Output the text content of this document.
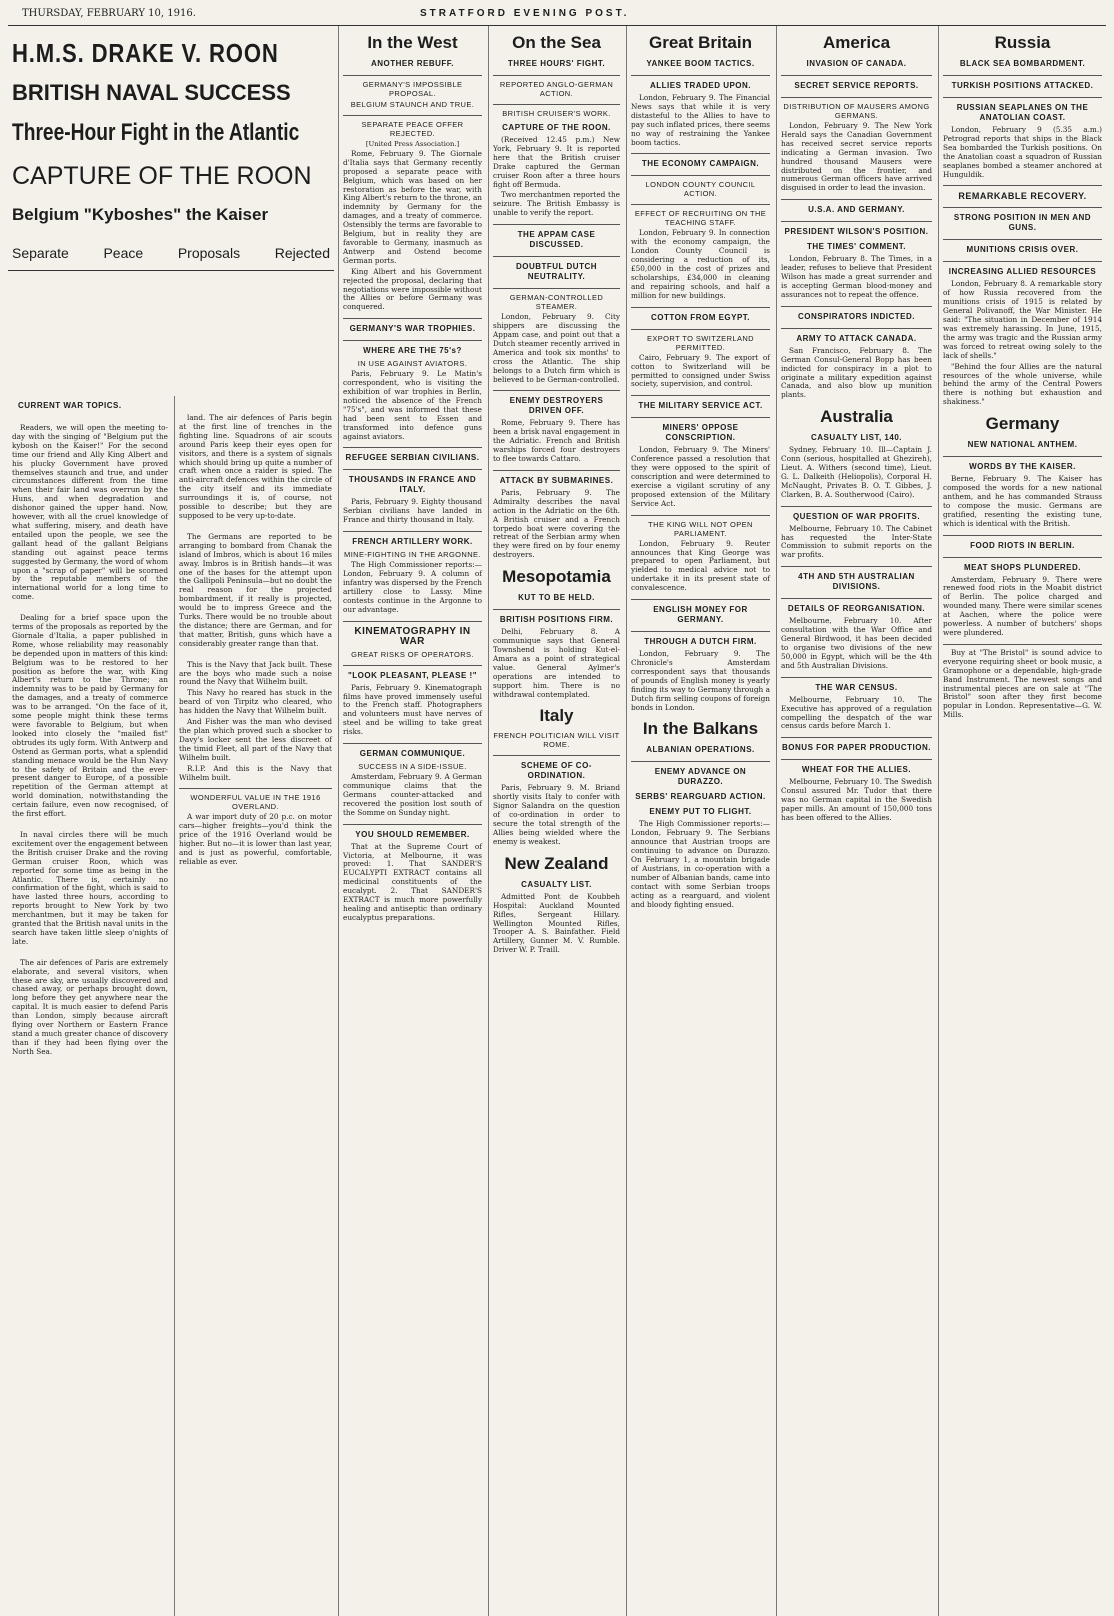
THURSDAY, FEBRUARY 10, 1916.	STRATFORD EVENING POST.
H.M.S. DRAKE V. ROON
BRITISH NAVAL SUCCESS
Three-Hour Fight in the Atlantic
CAPTURE OF THE ROON
Belgium "Kyboshes" the Kaiser
Separate Peace Proposals Rejected
CURRENT WAR TOPICS.

Readers, we will open the meeting to-day with the singing of "Belgium put the kybosh on the Kaiser!" For the second time our friend and Ally King Albert and his plucky Government have proved themselves staunch and true, and under circumstances different from the time when their fair land was overrun by the Huns, and when degradation and dishonor gained the upper hand. Now, however, with all the cruel knowledge of what suffering, misery, and death have entailed upon the people, we see the gallant head of the gallant Belgians standing out against peace terms suggested by Germany, the word of whom upon a "scrap of paper" will be scorned by the reputable members of the international world for a long time to come.

Dealing for a brief space upon the terms of the proposals as reported by the Giornale d'Italia, a paper published in Rome, whose reliability may reasonably be depended upon in matters of this kind: Belgium was to be restored to her position as before the war, with King Albert's return to the Throne; an indemnity was to be paid by Germany for the damages, and a treaty of commerce was to be arranged. "On the face of it, some people might think these terms were favorable to Belgium, but when looked into closely the "mailed fist" obtrudes its ugly form. With Antwerp and Ostend as German ports, what a splendid standing menace would be the Hun Navy to the safety of Britain and the ever-present danger to Europe, of a possible repetition of the German attempt at world domination, notwithstanding the certain failure, even now recognised, of the first effort.

In naval circles there will be much excitement over the engagement between the British cruiser Drake and the roving German cruiser Roon, which was reported for some time as being in the Atlantic. There is, certainly no confirmation of the fight, which is said to have lasted three hours, according to reports brought to New York by two merchantmen, but it may be taken for granted that the British naval units in the search have taken little sleep o'nights of late.

The air defences of Paris are extremely elaborate, and several visitors, when these are sky, are usually discovered and chased away, or perhaps brought down, long before they get anywhere near the capital. It is much easier to defend Paris than London, simply because aircraft flying over Northern or Eastern France stand a much greater chance of discovery than if they had been flying over the North Sea.

land. The air defences of Paris begin at the first line of trenches in the fighting line. Squadrons of air scouts around Paris keep their eyes open for visitors, and there is a system of signals which should bring up quite a number of craft when once a raider is spied. The anti-aircraft defences within the circle of the city itself and its immediate surroundings it is, of course, not possible to describe; but they are supposed to be very up-to-date.

The Germans are reported to be arranging to bombard from Chanak the island of Imbros, which is about 16 miles away. Imbros is in British hands—it was one of the bases for the attempt upon the Gallipoli Peninsula—but no doubt the real reason for the projected bombardment, if it really is projected, would be to impress Greece and the Turks. There would be no trouble about the distance; there are German, and for that matter, British, guns which have a considerably greater range than that.

This is the Navy that Jack built. These are the boys who made such a noise round the Navy that Wilhelm built.

This Navy ho reared has stuck in the beard of von Tirpitz who cleared, who has hidden the Navy that Wilhelm built.

And Fisher was the man who devised the plan which proved such a shocker to Davy's locker sent the less discreet of the timid Fleet, all part of the Navy that Wilhelm built.

R.I.P. And this is the Navy that Wilhelm built.

WONDERFUL VALUE IN THE 1916 OVERLAND.

A war import duty of 20 p.c. on motor cars—higher freights—you'd think the price of the 1916 Overland would be higher. But no—it is lower than last year, and is just as powerful, comfortable, reliable as ever.

In the West
ANOTHER REBUFF.
GERMANY'S IMPOSSIBLE PROPOSAL.
BELGIUM STAUNCH AND TRUE.
SEPARATE PEACE OFFER REJECTED.
[United Press Association.]

Rome, February 9. The Giornale d'Italia says that Germany recently proposed a separate peace with Belgium, which was based on her restoration as before the war, with King Albert's return to the throne, an indemnity by Germany for the damages, and a treaty of commerce. Ostensibly the terms are favorable to Belgium, but in reality they are favorable to Germany, inasmuch as Antwerp and Ostend become German ports.

King Albert and his Government rejected the proposal, declaring that negotiations were impossible without the Allies or before Germany was conquered.

GERMANY'S WAR TROPHIES.
WHERE ARE THE 75's?
IN USE AGAINST AVIATORS.

Paris, February 9. Le Matin's correspondent, who is visiting the exhibition of war trophies in Berlin, noticed the absence of the French "75's", and was informed that these had been sent to Essen and transformed into defence guns against aviators.

REFUGEE SERBIAN CIVILIANS.
THOUSANDS IN FRANCE AND ITALY.

Paris, February 9. Eighty thousand Serbian civilians have landed in France and thirty thousand in Italy.

FRENCH ARTILLERY WORK.
MINE-FIGHTING IN THE ARGONNE.

The High Commissioner reports:—London, February 9. A column of infantry was dispersed by the French artillery close to Lassy. Mine contests continue in the Argonne to our advantage.

KINEMATOGRAPHY IN WAR
GREAT RISKS OF OPERATORS.
"LOOK PLEASANT, PLEASE !"

Paris, February 9. Kinematograph films have proved immensely useful to the French staff. Photographers and volunteers must have nerves of steel and be willing to take great risks.

GERMAN COMMUNIQUE.
SUCCESS IN A SIDE-ISSUE.

Amsterdam, February 9. A German communique claims that the Germans counter-attacked and recovered the position lost south of the Somme on Sunday night.

YOU SHOULD REMEMBER.

That at the Supreme Court of Victoria, at Melbourne, it was proved: 1. That SANDER'S EUCALYPTI EXTRACT contains all medicinal constituents of the eucalypt. 2. That SANDER'S EXTRACT is much more powerfully healing and antiseptic than ordinary eucalyptus preparations.

On the Sea
THREE HOURS' FIGHT.
REPORTED ANGLO-GERMAN ACTION.
BRITISH CRUISER'S WORK.
CAPTURE OF THE ROON.

(Received 12.45 p.m.) New York, February 9. It is reported here that the British cruiser Drake captured the German cruiser Roon after a three hours fight off Bermuda.

Two merchantmen reported the seizure. The British Embassy is unable to verify the report.

THE APPAM CASE DISCUSSED.
DOUBTFUL DUTCH NEUTRALITY.
GERMAN-CONTROLLED STEAMER.

London, February 9. City shippers are discussing the Appam case, and point out that a Dutch steamer recently arrived in America and took six months' to cross the Atlantic. The ship belongs to a Dutch firm which is believed to be German-controlled.

ENEMY DESTROYERS DRIVEN OFF.

Rome, February 9. There has been a brisk naval engagement in the Adriatic. French and British warships forced four destroyers to flee towards Cattaro.

ATTACK BY SUBMARINES.

Paris, February 9. The Admiralty describes the naval action in the Adriatic on the 6th. A British cruiser and a French torpedo boat were covering the retreat of the Serbian army when they were fired on by four enemy destroyers.

Mesopotamia
KUT TO BE HELD.
BRITISH POSITIONS FIRM.

Delhi, February 8. A communique says that General Townshend is holding Kut-el-Amara as a point of strategical value. General Aylmer's operations are intended to support him. There is no withdrawal contemplated.

Italy
FRENCH POLITICIAN WILL VISIT ROME.
SCHEME OF CO-ORDINATION.

Paris, February 9. M. Briand shortly visits Italy to confer with Signor Salandra on the question of co-ordination in order to secure the total strength of the Allies being wielded where the enemy is weakest.

New Zealand
CASUALTY LIST.

Admitted Pont de Koubbeh Hospital: Auckland Mounted Rifles, Sergeant Hillary. Wellington Mounted Rifles, Trooper A. S. Bainfather. Field Artillery, Gunner M. V. Rumble. Driver W. P. Traill.

Great Britain
YANKEE BOOM TACTICS.
ALLIES TRADED UPON.

London, February 9. The Financial News says that while it is very distasteful to the Allies to have to pay such inflated prices, there seems no way of restraining the Yankee boom tactics.

THE ECONOMY CAMPAIGN.
LONDON COUNTY COUNCIL ACTION.
EFFECT OF RECRUITING ON THE TEACHING STAFF.

London, February 9. In connection with the economy campaign, the London County Council is considering a reduction of its, £50,000 in the cost of prizes and scholarships, £34,000 in cleaning and repairing schools, and half a million for new buildings.

COTTON FROM EGYPT.
EXPORT TO SWITZERLAND PERMITTED.

Cairo, February 9. The export of cotton to Switzerland will be permitted to consigned under Swiss society, supervision, and control.

THE MILITARY SERVICE ACT.
MINERS' OPPOSE CONSCRIPTION.

London, February 9. The Miners' Conference passed a resolution that they were opposed to the spirit of conscription and were determined to exercise a vigilant scrutiny of any proposed extension of the Military Service Act.

THE KING WILL NOT OPEN PARLIAMENT.

London, February 9. Reuter announces that King George was prepared to open Parliament, but yielded to medical advice not to undertake it in its present state of convalescence.

ENGLISH MONEY FOR GERMANY.
THROUGH A DUTCH FIRM.

London, February 9. The Chronicle's Amsterdam correspondent says that thousands of pounds of English money is yearly finding its way to Germany through a Dutch firm selling coupons of foreign bonds in London.

In the Balkans
ALBANIAN OPERATIONS.
ENEMY ADVANCE ON DURAZZO.
SERBS' REARGUARD ACTION.
ENEMY PUT TO FLIGHT.

The High Commissioner reports:—London, February 9. The Serbians announce that Austrian troops are continuing to advance on Durazzo. On February 1, a mountain brigade of Austrians, in co-operation with a number of Albanian bands, came into contact with some Serbian troops acting as a rearguard, and violent and bloody fighting ensued.

America
INVASION OF CANADA.
SECRET SERVICE REPORTS.
DISTRIBUTION OF MAUSERS AMONG GERMANS.

London, February 9. The New York Herald says the Canadian Government has received secret service reports indicating a German invasion. Two hundred thousand Mausers were distributed on the frontier, and numerous German officers have arrived disguised in order to lead the invasion.

U.S.A. AND GERMANY.
PRESIDENT WILSON'S POSITION.
THE TIMES' COMMENT.

London, February 8. The Times, in a leader, refuses to believe that President Wilson has made a great surrender and is accepting German blood-money and assurances not to repeat the offence.

CONSPIRATORS INDICTED.
ARMY TO ATTACK CANADA.

San Francisco, February 8. The German Consul-General Bopp has been indicted for conspiracy in a plot to originate a military expedition against Canada, and also blow up munition plants.

Australia
CASUALTY LIST, 140.

Sydney, February 10. Ill—Captain J. Conn (serious, hospitalled at Ghezireh), Lieut. A. Withers (second time), Lieut. G. L. Dalkeith (Heliopolis), Corporal H. McNaught, Privates B. O. T. Gibbes, J. Clarken, B. A. Southerwood (Cairo).

QUESTION OF WAR PROFITS.

Melbourne, February 10. The Cabinet has requested the Inter-State Commission to submit reports on the war profits.

4TH AND 5TH AUSTRALIAN DIVISIONS.
DETAILS OF REORGANISATION.

Melbourne, February 10. After consultation with the War Office and General Birdwood, it has been decided to organise two divisions of the new 50,000 in Egypt, which will be the 4th and 5th Australian Divisions.

THE WAR CENSUS.

Melbourne, February 10. The Executive has approved of a regulation compelling the despatch of the war census cards before March 1.

BONUS FOR PAPER PRODUCTION.
WHEAT FOR THE ALLIES.

Melbourne, February 10. The Swedish Consul assured Mr. Tudor that there was no German capital in the Swedish paper mills. An amount of 150,000 tons has been offered to the Allies.

Russia
BLACK SEA BOMBARDMENT.
TURKISH POSITIONS ATTACKED.
RUSSIAN SEAPLANES ON THE ANATOLIAN COAST.

London, February 9 (5.35 a.m.) Petrograd reports that ships in the Black Sea bombarded the Turkish positions. On the Anatolian coast a squadron of Russian seaplanes bombed a steamer anchored at Hunguldik.

REMARKABLE RECOVERY.
STRONG POSITION IN MEN AND GUNS.
MUNITIONS CRISIS OVER.
INCREASING ALLIED RESOURCES

London, February 8. A remarkable story of how Russia recovered from the munitions crisis of 1915 is related by General Polivanoff, the War Minister. He said: "The situation in December of 1914 was extremely harassing. In June, 1915, the army was tragic and the Russian army was forced to retreat owing solely to the lack of shells."

"Behind the four Allies are the natural resources of the whole universe, while behind the army of the Central Powers there is nothing but exhaustion and shakiness."

Germany
NEW NATIONAL ANTHEM.
WORDS BY THE KAISER.

Berne, February 9. The Kaiser has composed the words for a new national anthem, and he has commanded Strauss to compose the music. Germans are gratified, resenting the existing tune, which is identical with the British.

FOOD RIOTS IN BERLIN.
MEAT SHOPS PLUNDERED.

Amsterdam, February 9. There were renewed food riots in the Moabit district of Berlin. The police charged and wounded many. There were similar scenes at Aachen, where the police were powerless. A number of butchers' shops were plundered.

Buy at "The Bristol" is sound advice to everyone requiring sheet or book music, a Gramophone or a dependable, high-grade Band Instrument. The newest songs and instrumental pieces are on sale at "The Bristol" soon after they first become popular in London. Representative—G. W. Mills.
